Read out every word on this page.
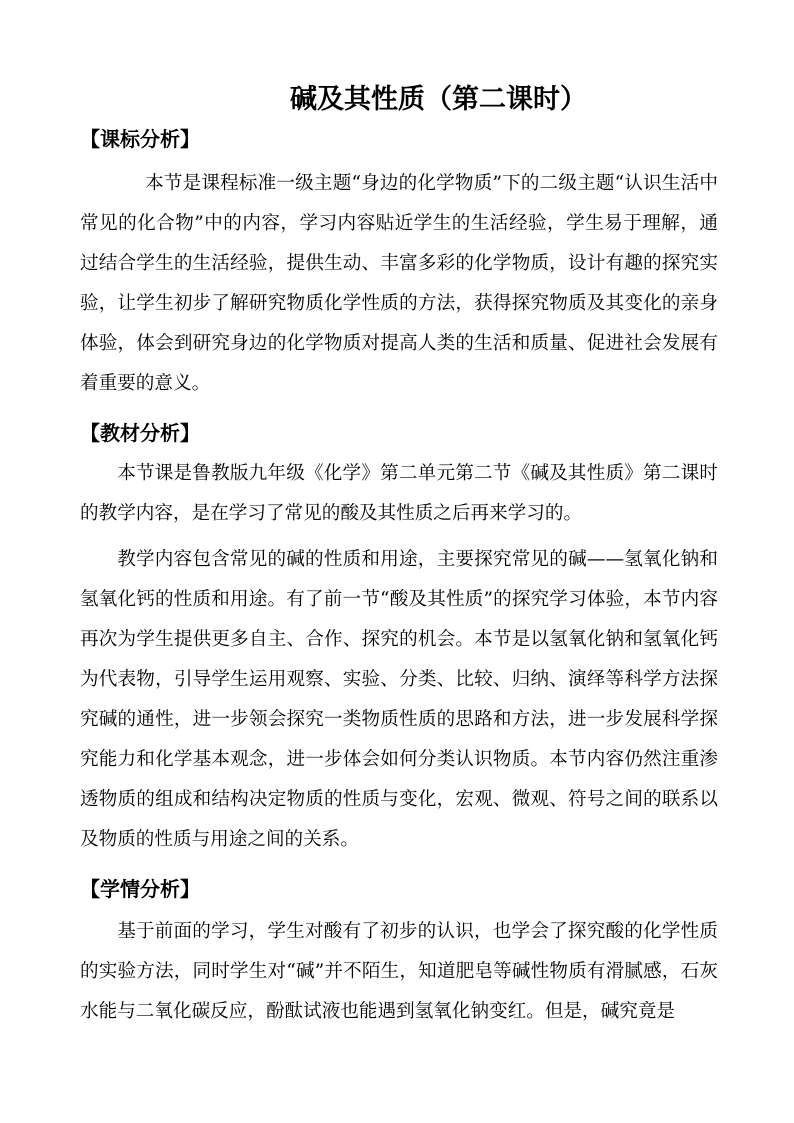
碱及其性质（第二课时）
【课标分析】

本节是课程标准一级主题“身边的化学物质”下的二级主题“认识生活中常见的化合物”中的内容，学习内容贴近学生的生活经验，学生易于理解，通过结合学生的生活经验，提供生动、丰富多彩的化学物质，设计有趣的探究实验，让学生初步了解研究物质化学性质的方法，获得探究物质及其变化的亲身体验，体会到研究身边的化学物质对提高人类的生活和质量、促进社会发展有着重要的意义。

【教材分析】

本节课是鲁教版九年级《化学》第二单元第二节《碱及其性质》第二课时的教学内容，是在学习了常见的酸及其性质之后再来学习的。

教学内容包含常见的碱的性质和用途，主要探究常见的碱——氢氧化钠和氢氧化钙的性质和用途。有了前一节“酸及其性质”的探究学习体验，本节内容再次为学生提供更多自主、合作、探究的机会。本节是以氢氧化钠和氢氧化钙为代表物，引导学生运用观察、实验、分类、比较、归纳、演绎等科学方法探究碱的通性，进一步领会探究一类物质性质的思路和方法，进一步发展科学探究能力和化学基本观念，进一步体会如何分类认识物质。本节内容仍然注重渗透物质的组成和结构决定物质的性质与变化，宏观、微观、符号之间的联系以及物质的性质与用途之间的关系。

【学情分析】

基于前面的学习，学生对酸有了初步的认识，也学会了探究酸的化学性质的实验方法，同时学生对“碱”并不陌生，知道肥皂等碱性物质有滑腻感，石灰水能与二氧化碳反应，酚酞试液也能遇到氢氧化钠变红。但是，碱究竟是
